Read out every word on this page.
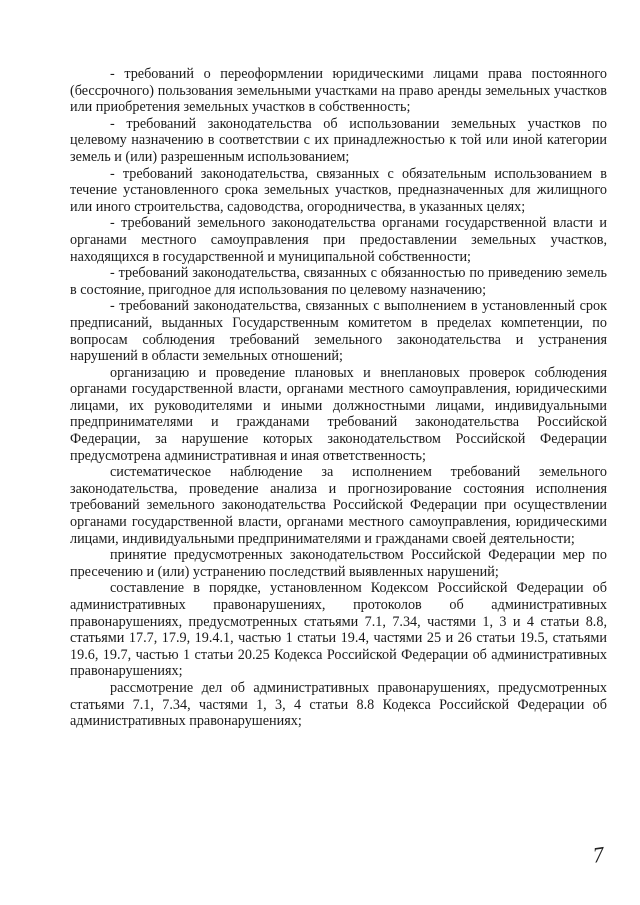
- требований о переоформлении юридическими лицами права постоянного (бессрочного) пользования земельными участками на право аренды земельных участков или приобретения земельных участков в собственность;

- требований законодательства об использовании земельных участков по целевому назначению в соответствии с их принадлежностью к той или иной категории земель и (или) разрешенным использованием;

- требований законодательства, связанных с обязательным использованием в течение установленного срока земельных участков, предназначенных для жилищного или иного строительства, садоводства, огородничества, в указанных целях;

- требований земельного законодательства органами государственной власти и органами местного самоуправления при предоставлении земельных участков, находящихся в государственной и муниципальной собственности;

- требований законодательства, связанных с обязанностью по приведению земель в состояние, пригодное для использования по целевому назначению;

- требований законодательства, связанных с выполнением в установленный срок предписаний, выданных Государственным комитетом в пределах компетенции, по вопросам соблюдения требований земельного законодательства и устранения нарушений в области земельных отношений;

организацию и проведение плановых и внеплановых проверок соблюдения органами государственной власти, органами местного самоуправления, юридическими лицами, их руководителями и иными должностными лицами, индивидуальными предпринимателями и гражданами требований законодательства Российской Федерации, за нарушение которых законодательством Российской Федерации предусмотрена административная и иная ответственность;

систематическое наблюдение за исполнением требований земельного законодательства, проведение анализа и прогнозирование состояния исполнения требований земельного законодательства Российской Федерации при осуществлении органами государственной власти, органами местного самоуправления, юридическими лицами, индивидуальными предпринимателями и гражданами своей деятельности;

принятие предусмотренных законодательством Российской Федерации мер по пресечению и (или) устранению последствий выявленных нарушений;

составление в порядке, установленном Кодексом Российской Федерации об административных правонарушениях, протоколов об административных правонарушениях, предусмотренных статьями 7.1, 7.34, частями 1, 3 и 4 статьи 8.8, статьями 17.7, 17.9, 19.4.1, частью 1 статьи 19.4, частями 25 и 26 статьи 19.5, статьями 19.6, 19.7, частью 1 статьи 20.25 Кодекса Российской Федерации об административных правонарушениях;

рассмотрение дел об административных правонарушениях, предусмотренных статьями 7.1, 7.34, частями 1, 3, 4 статьи 8.8 Кодекса Российской Федерации об административных правонарушениях;

7
